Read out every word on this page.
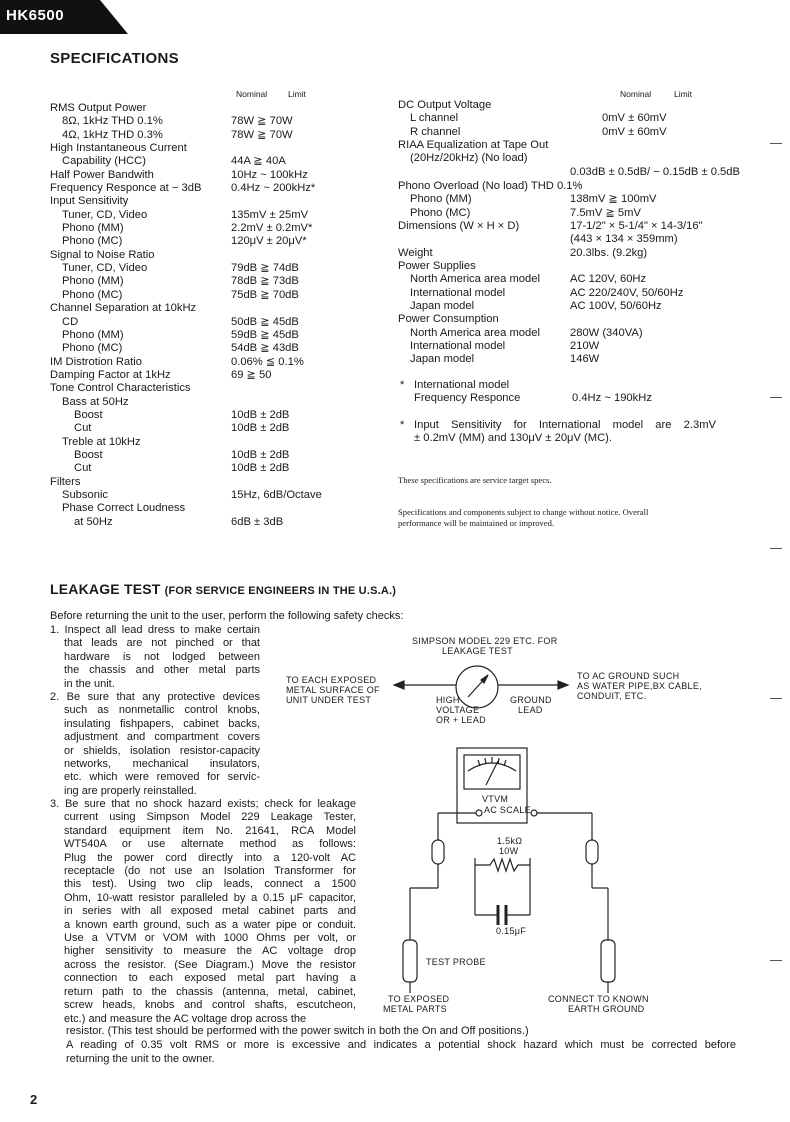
HK6500
SPECIFICATIONS
Nominal Limit	Nominal	Limit
RMS Output Power
8Ω, 1kHz THD 0.1%	78W ≧ 70W
4Ω, 1kHz THD 0.3%	78W ≧ 70W
High Instantaneous Current
Capability (HCC)	44A ≧ 40A
Half Power Bandwith	10Hz ~ 100kHz
Frequency Responce at − 3dB	0.4Hz ~ 200kHz*
Input Sensitivity
Tuner, CD, Video	135mV ± 25mV
Phono (MM)	2.2mV ± 0.2mV*
Phono (MC)	120μV ± 20μV*
Signal to Noise Ratio
Tuner, CD, Video	79dB ≧ 74dB
Phono (MM)	78dB ≧ 73dB
Phono (MC)	75dB ≧ 70dB
Channel Separation at 10kHz
CD	50dB ≧ 45dB
Phono (MM)	59dB ≧ 45dB
Phono (MC)	54dB ≧ 43dB
IM Distrotion Ratio	0.06% ≦ 0.1%
Damping Factor at 1kHz	69 ≧ 50
Tone Control Characteristics
Bass at 50Hz
Boost	10dB ± 2dB
Cut	10dB ± 2dB
Treble at 10kHz
Boost	10dB ± 2dB
Cut	10dB ± 2dB
Filters
Subsonic	15Hz, 6dB/Octave
Phase Correct Loudness
at 50Hz	6dB ± 3dB
DC Output Voltage
L channel	0mV ± 60mV
R channel	0mV ± 60mV
RIAA Equalization at Tape Out
(20Hz/20kHz) (No load)
0.03dB ± 0.5dB/ − 0.15dB ± 0.5dB
Phono Overload (No load) THD 0.1%
Phono (MM)	138mV ≧ 100mV
Phono (MC)	7.5mV ≧ 5mV
Dimensions (W × H × D)	17-1/2" × 5-1/4" × 14-3/16"
(443 × 134 × 359mm)
Weight	20.3lbs. (9.2kg)
Power Supplies
North America area model	AC 120V, 60Hz
International model	AC 220/240V, 50/60Hz
Japan model	AC 100V, 50/60Hz
Power Consumption
North America area model	280W (340VA)
International model	210W
Japan model	146W
* International model
Frequency Responce	0.4Hz ~ 190kHz
* Input Sensitivity for International model are 2.3mV
± 0.2mV (MM) and 130μV ± 20μV (MC).
These specifications are service target specs.
Specifications and components subject to change without notice. Overall
performance will be maintained or improved.
LEAKAGE TEST (FOR SERVICE ENGINEERS IN THE U.S.A.)
Before returning the unit to the user, perform the following safety checks:
1. Inspect all lead dress to make certain
that leads are not pinched or that
hardware is not lodged between
the chassis and other metal parts
in the unit.
2. Be sure that any protective devices
such as nonmetallic control knobs,
insulating fishpapers, cabinet backs,
adjustment and compartment covers
or shields, isolation resistor-capacity
networks, mechanical insulators,
etc. which were removed for servic-
ing are properly reinstalled.
3. Be sure that no shock hazard exists; check for leakage
current using Simpson Model 229 Leakage Tester,
standard equipment item No. 21641, RCA Model
WT540A or use alternate method as follows:
Plug the power cord directly into a 120-volt AC
receptacle (do not use an Isolation Transformer for
this test). Using two clip leads, connect a 1500
Ohm, 10-watt resistor paralleled by a 0.15 μF capacitor,
in series with all exposed metal cabinet parts and
a known earth ground, such as a water pipe or conduit.
Use a VTVM or VOM with 1000 Ohms per volt, or
higher sensitivity to measure the AC voltage drop
across the resistor. (See Diagram.) Move the resistor
connection to each exposed metal part having a
return path to the chassis (antenna, metal, cabinet,
screw heads, knobs and control shafts, escutcheon,
etc.) and measure the AC voltage drop across the
resistor. (This test should be performed with the power switch in both the On and Off positions.)
A reading of 0.35 volt RMS or more is excessive and indicates a potential shock hazard which must be corrected before
returning the unit to the owner.
SIMPSON MODEL 229 ETC. FOR
LEAKAGE TEST
TO EACH EXPOSED
METAL SURFACE OF
UNIT UNDER TEST
TO AC GROUND SUCH
AS WATER PIPE,BX CABLE,
CONDUIT, ETC.
HIGH
VOLTAGE
OR + LEAD
GROUND
LEAD
VTVM
AC SCALE
1.5kΩ
10W
0.15μF
TEST PROBE
TO EXPOSED
METAL PARTS
CONNECT TO KNOWN
EARTH GROUND
2
